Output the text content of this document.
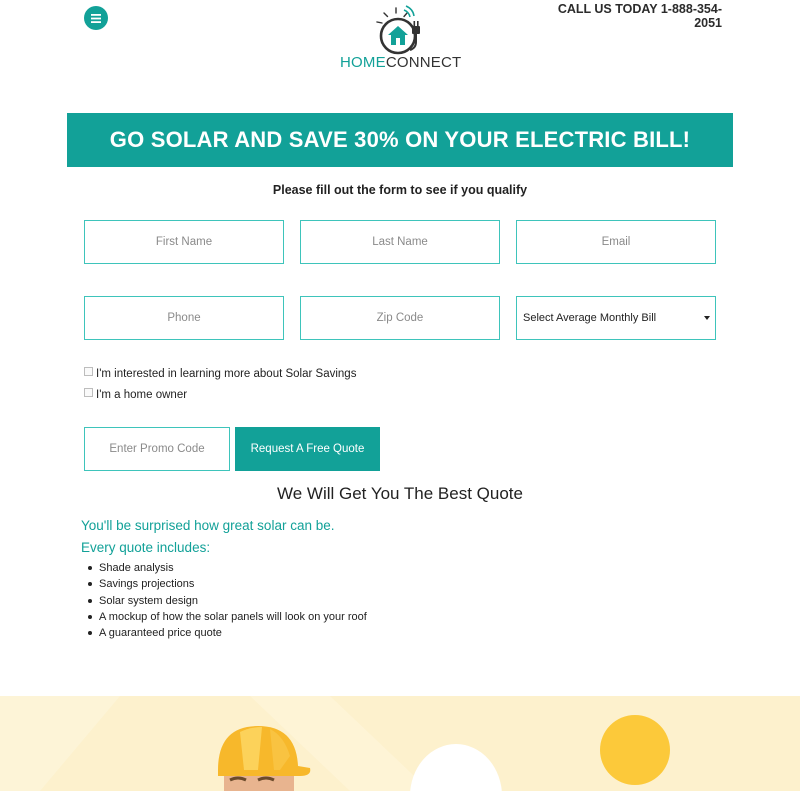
HOMECONNECT
CALL US TODAY 1-888-354-2051
GO SOLAR AND SAVE 30% ON YOUR ELECTRIC BILL!
Please fill out the form to see if you qualify
First Name
Last Name
Email
Phone
Zip Code
Select Average Monthly Bill
I'm interested in learning more about Solar Savings
I'm a home owner
Enter Promo Code
Request A Free Quote
We Will Get You The Best Quote
You'll be surprised how great solar can be.
Every quote includes:
Shade analysis
Savings projections
Solar system design
A mockup of how the solar panels will look on your roof
A guaranteed price quote
